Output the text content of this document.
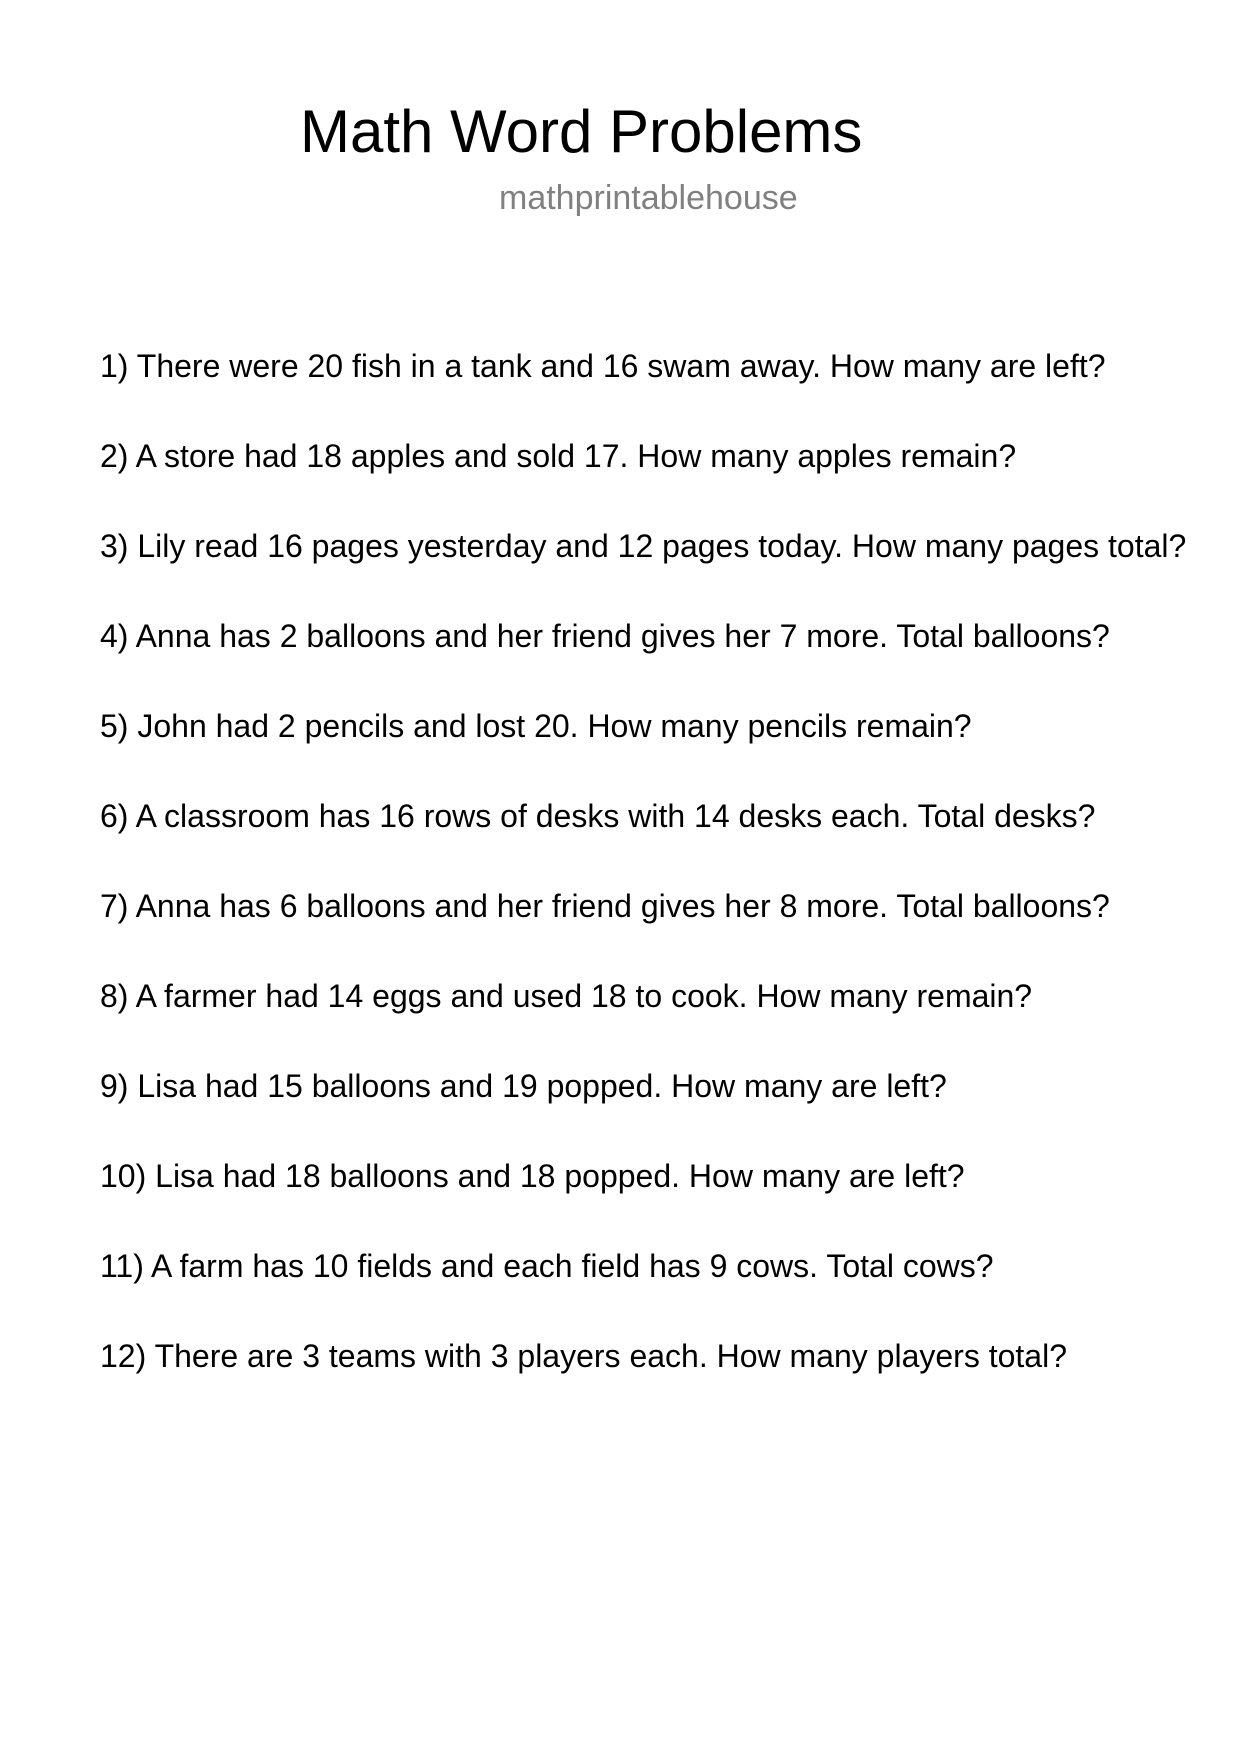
Math Word Problems
mathprintablehouse
1) There were 20 fish in a tank and 16 swam away. How many are left?
2) A store had 18 apples and sold 17. How many apples remain?
3) Lily read 16 pages yesterday and 12 pages today. How many pages total?
4) Anna has 2 balloons and her friend gives her 7 more. Total balloons?
5) John had 2 pencils and lost 20. How many pencils remain?
6) A classroom has 16 rows of desks with 14 desks each. Total desks?
7) Anna has 6 balloons and her friend gives her 8 more. Total balloons?
8) A farmer had 14 eggs and used 18 to cook. How many remain?
9) Lisa had 15 balloons and 19 popped. How many are left?
10) Lisa had 18 balloons and 18 popped. How many are left?
11) A farm has 10 fields and each field has 9 cows. Total cows?
12) There are 3 teams with 3 players each. How many players total?
